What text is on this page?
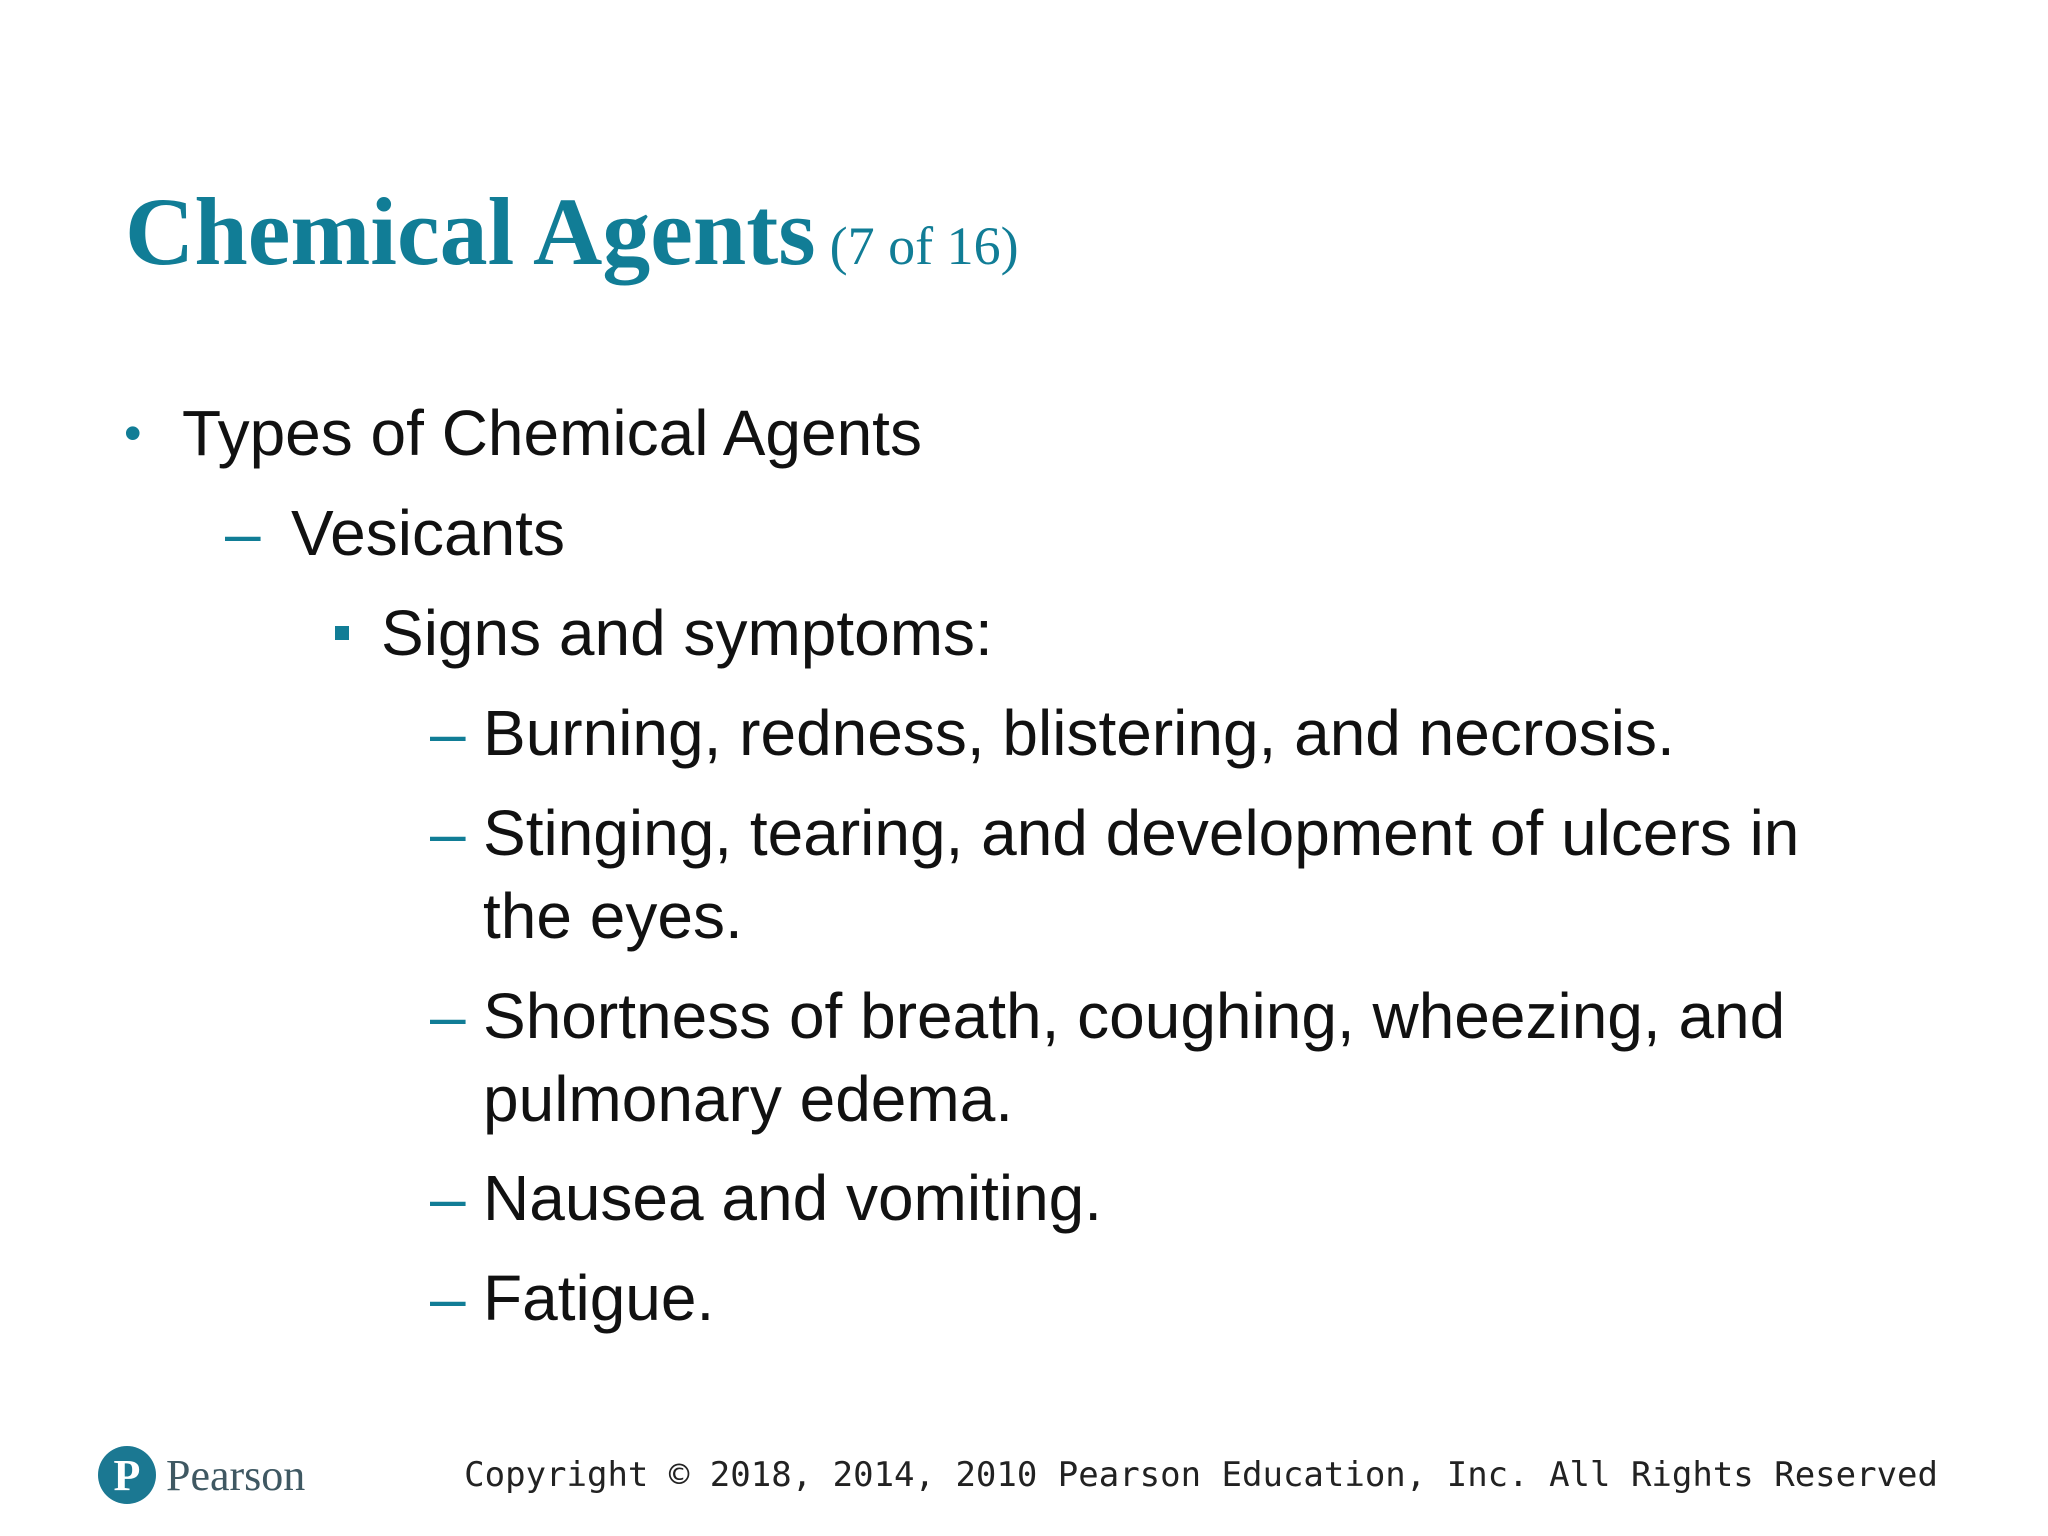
Chemical Agents (7 of 16)
• Types of Chemical Agents
– Vesicants
Signs and symptoms:
– Burning, redness, blistering, and necrosis.
– Stinging, tearing, and development of ulcers in
the eyes.
– Shortness of breath, coughing, wheezing, and
pulmonary edema.
– Nausea and vomiting.
– Fatigue.
P Pearson	Copyright © 2018, 2014, 2010 Pearson Education, Inc. All Rights Reserved
